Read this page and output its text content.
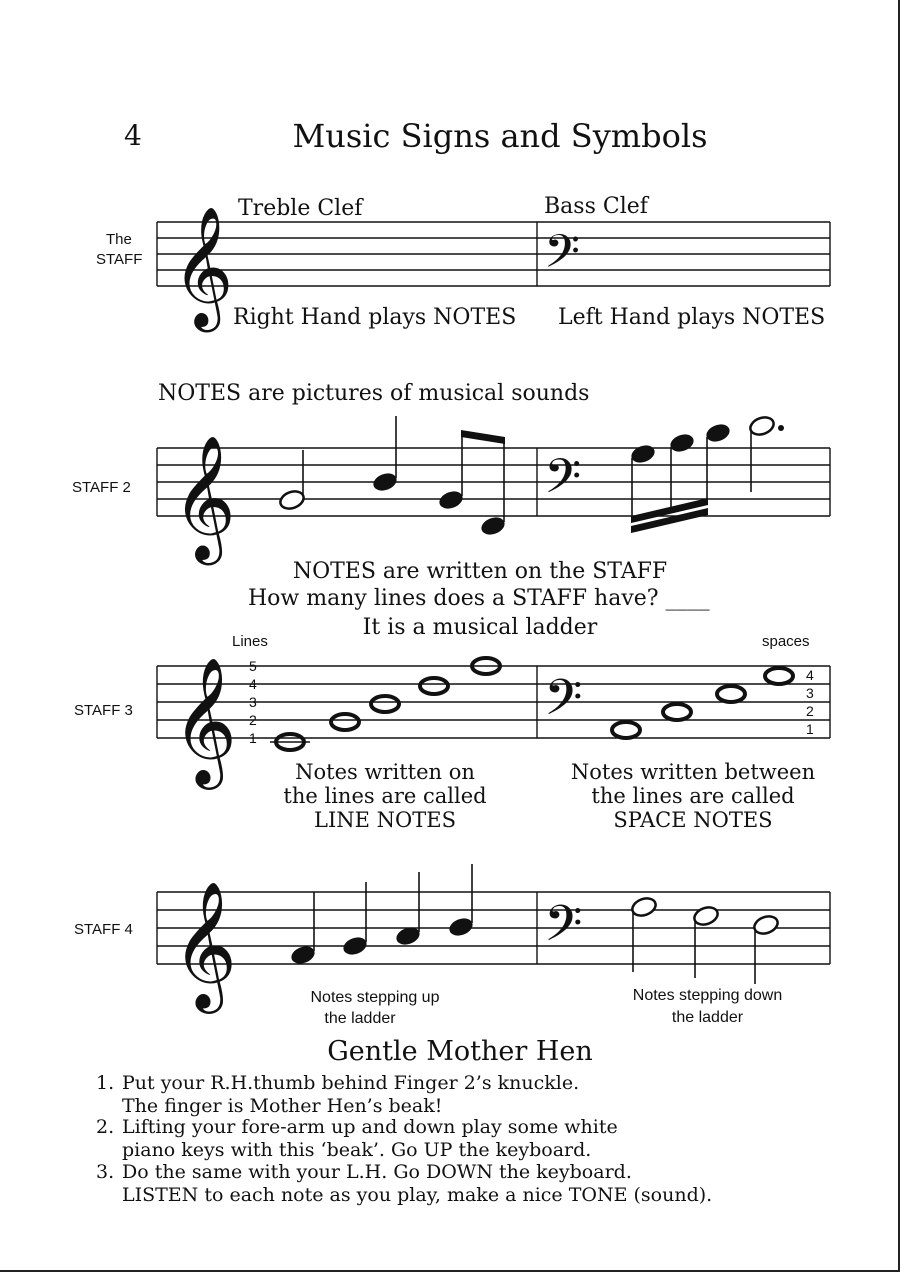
4	Music Signs and Symbols
The
STAFF
Treble Clef	Bass Clef
𝄞	𝄢
Right Hand plays NOTES Left Hand plays NOTES
NOTES are pictures of musical sounds
STAFF 2 𝄞	𝄢
NOTES are written on the STAFF
How many lines does a STAFF have? ____
It is a musical ladder
STAFF 3
Lines	spaces
𝄞	𝄢
5
4
3
2
1
4
3
2
1
Notes written on
the lines are called
LINE NOTES
Notes written between
the lines are called
SPACE NOTES
STAFF 4 𝄞	𝄢
Notes stepping up
the ladder
Notes stepping down
the ladder
Gentle Mother Hen
1. Put your R.H.thumb behind Finger 2’s knuckle.
The finger is Mother Hen’s beak!
2. Lifting your fore-arm up and down play some white
piano keys with this ‘beak’. Go UP the keyboard.
3. Do the same with your L.H. Go DOWN the keyboard.
LISTEN to each note as you play, make a nice TONE (sound).
